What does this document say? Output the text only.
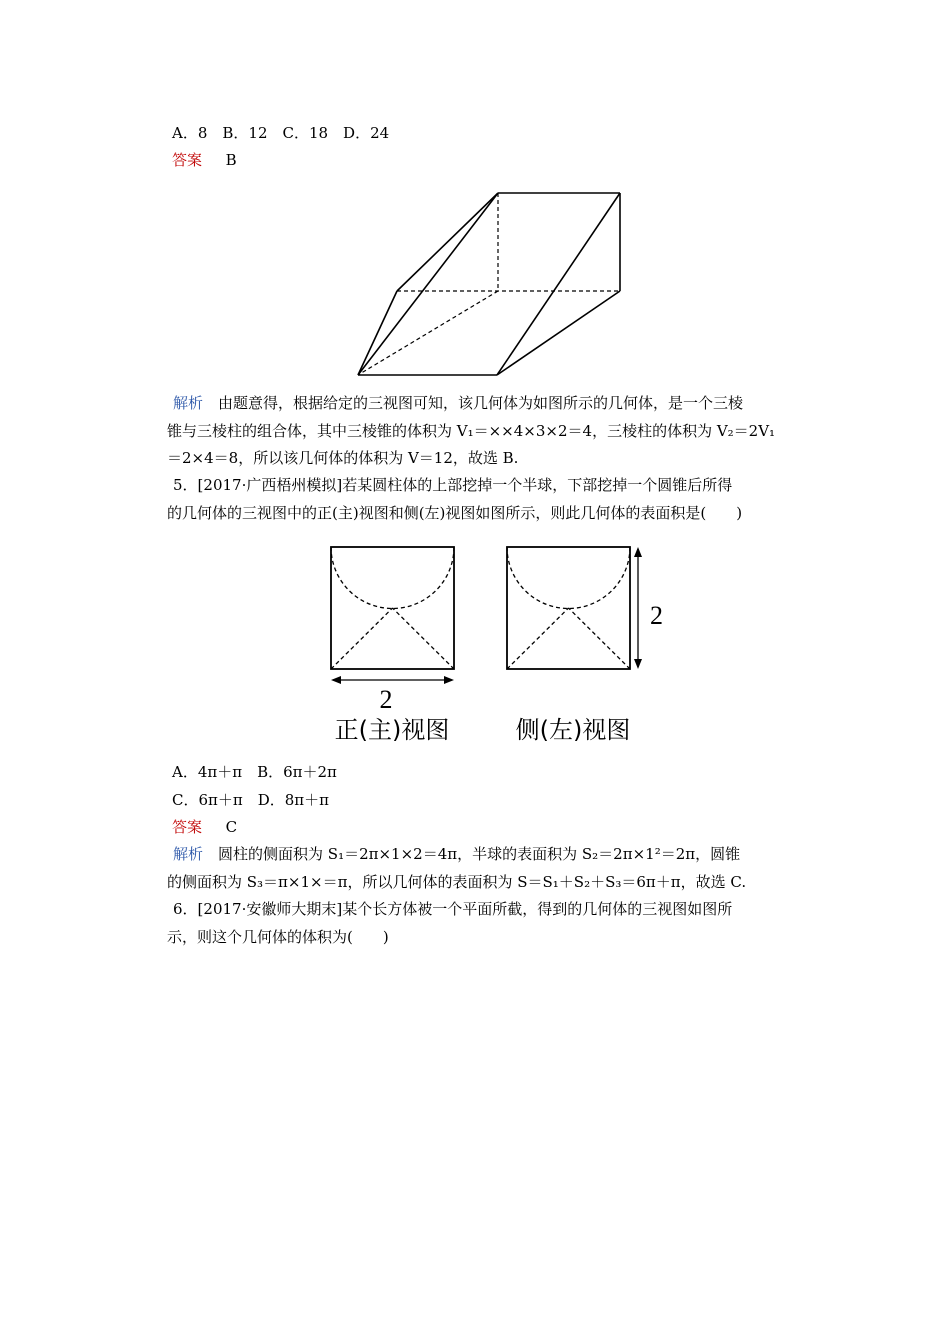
A．8　B．12　C．18　D．24
答案 B
解析　 由题意得，根据给定的三视图可知，该几何体为如图所示的几何体，是一个三棱
锥与三棱柱的组合体，其中三棱锥的体积为 V₁＝××4×3×2＝4，三棱柱的体积为 V₂＝2V₁
＝2×4＝8，所以该几何体的体积为 V＝12，故选 B.
5．[2017·广西梧州模拟]若某圆柱体的上部挖掉一个半球，下部挖掉一个圆锥后所得
的几何体的三视图中的正(主)视图和侧(左)视图如图所示，则此几何体的表面积是(　　)
2
正(主)视图
2
侧(左)视图
A．4π＋π　B．6π＋2π
C．6π＋π　D．8π＋π
答案 C
解析　 圆柱的侧面积为 S₁＝2π×1×2＝4π，半球的表面积为 S₂＝2π×1²＝2π，圆锥
的侧面积为 S₃＝π×1×＝π，所以几何体的表面积为 S＝S₁＋S₂＋S₃＝6π＋π，故选 C.
6．[2017·安徽师大期末]某个长方体被一个平面所截，得到的几何体的三视图如图所
示，则这个几何体的体积为(　　)
